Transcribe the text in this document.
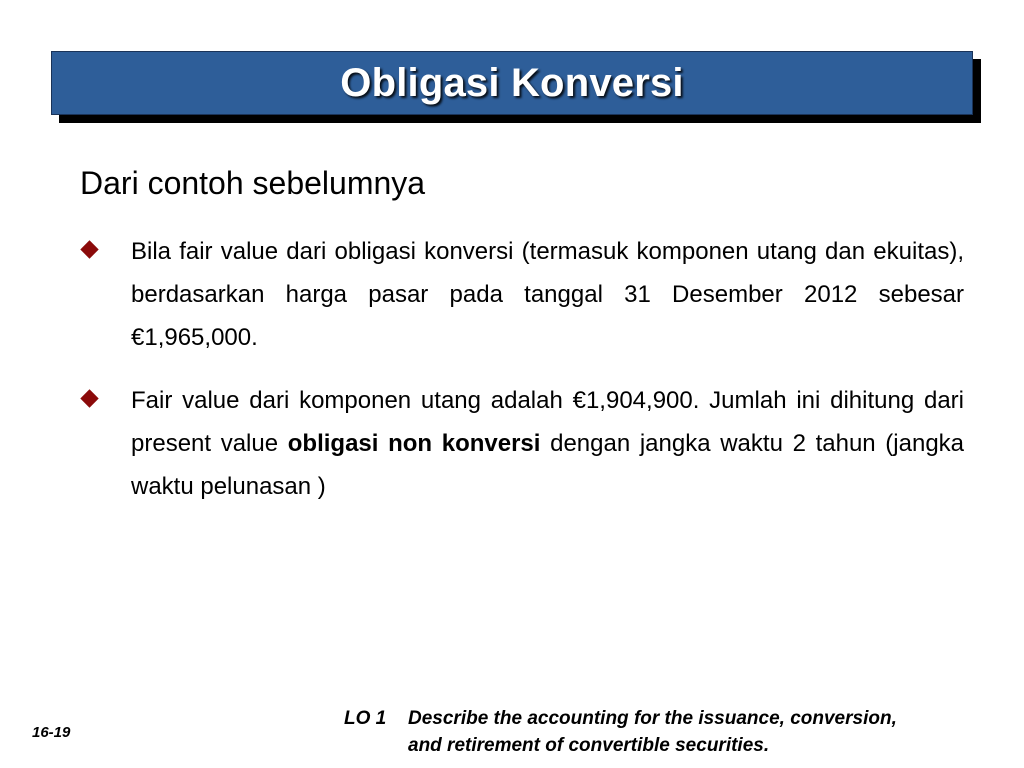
Obligasi Konversi
Dari contoh sebelumnya
Bila fair value dari obligasi konversi (termasuk komponen utang dan ekuitas), berdasarkan harga pasar pada tanggal 31 Desember 2012 sebesar €1,965,000.
Fair value dari komponen utang adalah €1,904,900. Jumlah ini dihitung dari present value obligasi non konversi dengan jangka waktu 2 tahun (jangka waktu pelunasan )
16-19
LO 1	Describe the accounting for the issuance, conversion,
and retirement of convertible securities.
